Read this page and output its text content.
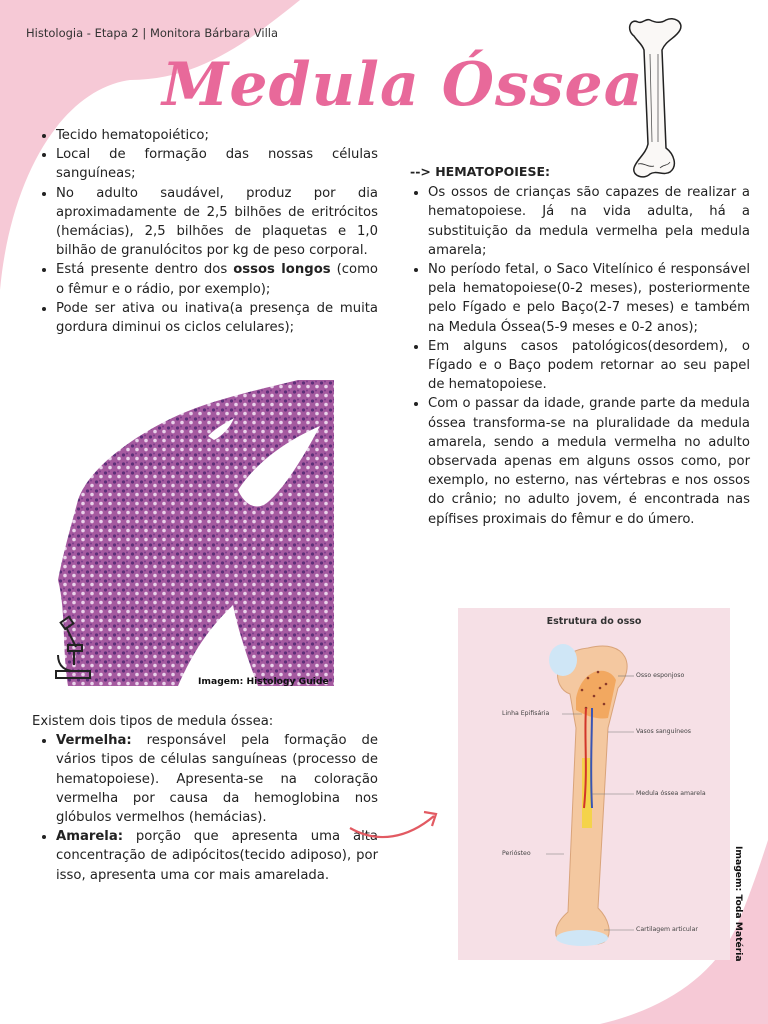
Histologia - Etapa 2 | Monitora Bárbara Villa
Medula Óssea
• Tecido hematopoiético;
• Local de formação das nossas células sanguíneas;
• No adulto saudável, produz por dia aproximadamente de 2,5 bilhões de eritrócitos (hemácias), 2,5 bilhões de plaquetas e 1,0 bilhão de granulócitos por kg de peso corporal.
• Está presente dentro dos ossos longos (como o fêmur e o rádio, por exemplo);
• Pode ser ativa ou inativa(a presença de muita gordura diminui os ciclos celulares);
--> HEMATOPOIESE:
• Os ossos de crianças são capazes de realizar a hematopoiese. Já na vida adulta, há a substituição da medula vermelha pela medula amarela;
• No período fetal, o Saco Vitelínico é responsável pela hematopoiese(0-2 meses), posteriormente pelo Fígado e pelo Baço(2-7 meses) e também na Medula Óssea(5-9 meses e 0-2 anos);
• Em alguns casos patológicos(desordem), o Fígado e o Baço podem retornar ao seu papel de hematopoiese.
• Com o passar da idade, grande parte da medula óssea transforma-se na pluralidade da medula amarela, sendo a medula vermelha no adulto observada apenas em alguns ossos como, por exemplo, no esterno, nas vértebras e nos ossos do crânio; no adulto jovem, é encontrada nas epífises proximais do fêmur e do úmero.
Imagem: Histology Guide
Existem dois tipos de medula óssea:
• Vermelha: responsável pela formação de vários tipos de células sanguíneas (processo de hematopoiese). Apresenta-se na coloração vermelha por causa da hemoglobina nos glóbulos vermelhos (hemácias).
• Amarela: porção que apresenta uma alta concentração de adipócitos(tecido adiposo), por isso, apresenta uma cor mais amarelada.
Estrutura do osso
Osso esponjoso
Linha Epifisária
Vasos sanguíneos
Medula óssea amarela
Periósteo
Cartilagem articular	Imagem: Toda Matéria
